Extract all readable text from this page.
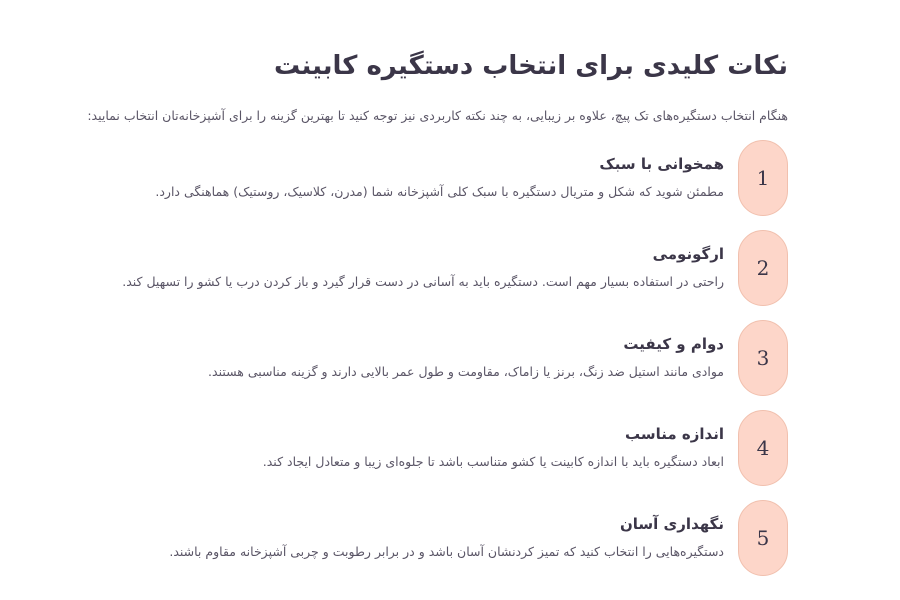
نکات کلیدی برای انتخاب دستگیره کابینت

هنگام انتخاب دستگیره‌های تک پیچ، علاوه بر زیبایی، به چند نکته کاربردی نیز توجه کنید تا بهترین گزینه را برای آشپزخانه‌تان انتخاب نمایید:

1
همخوانی با سبک

مطمئن شوید که شکل و متریال دستگیره با سبک کلی آشپزخانه شما (مدرن، کلاسیک، روستیک) هماهنگی دارد.

2
ارگونومی

راحتی در استفاده بسیار مهم است. دستگیره باید به آسانی در دست قرار گیرد و باز کردن درب یا کشو را تسهیل کند.

3
دوام و کیفیت

موادی مانند استیل ضد زنگ، برنز یا زاماک، مقاومت و طول عمر بالایی دارند و گزینه مناسبی هستند.

4
اندازه مناسب

ابعاد دستگیره باید با اندازه کابینت یا کشو متناسب باشد تا جلوه‌ای زیبا و متعادل ایجاد کند.

5
نگهداری آسان

دستگیره‌هایی را انتخاب کنید که تمیز کردنشان آسان باشد و در برابر رطوبت و چربی آشپزخانه مقاوم باشند.
